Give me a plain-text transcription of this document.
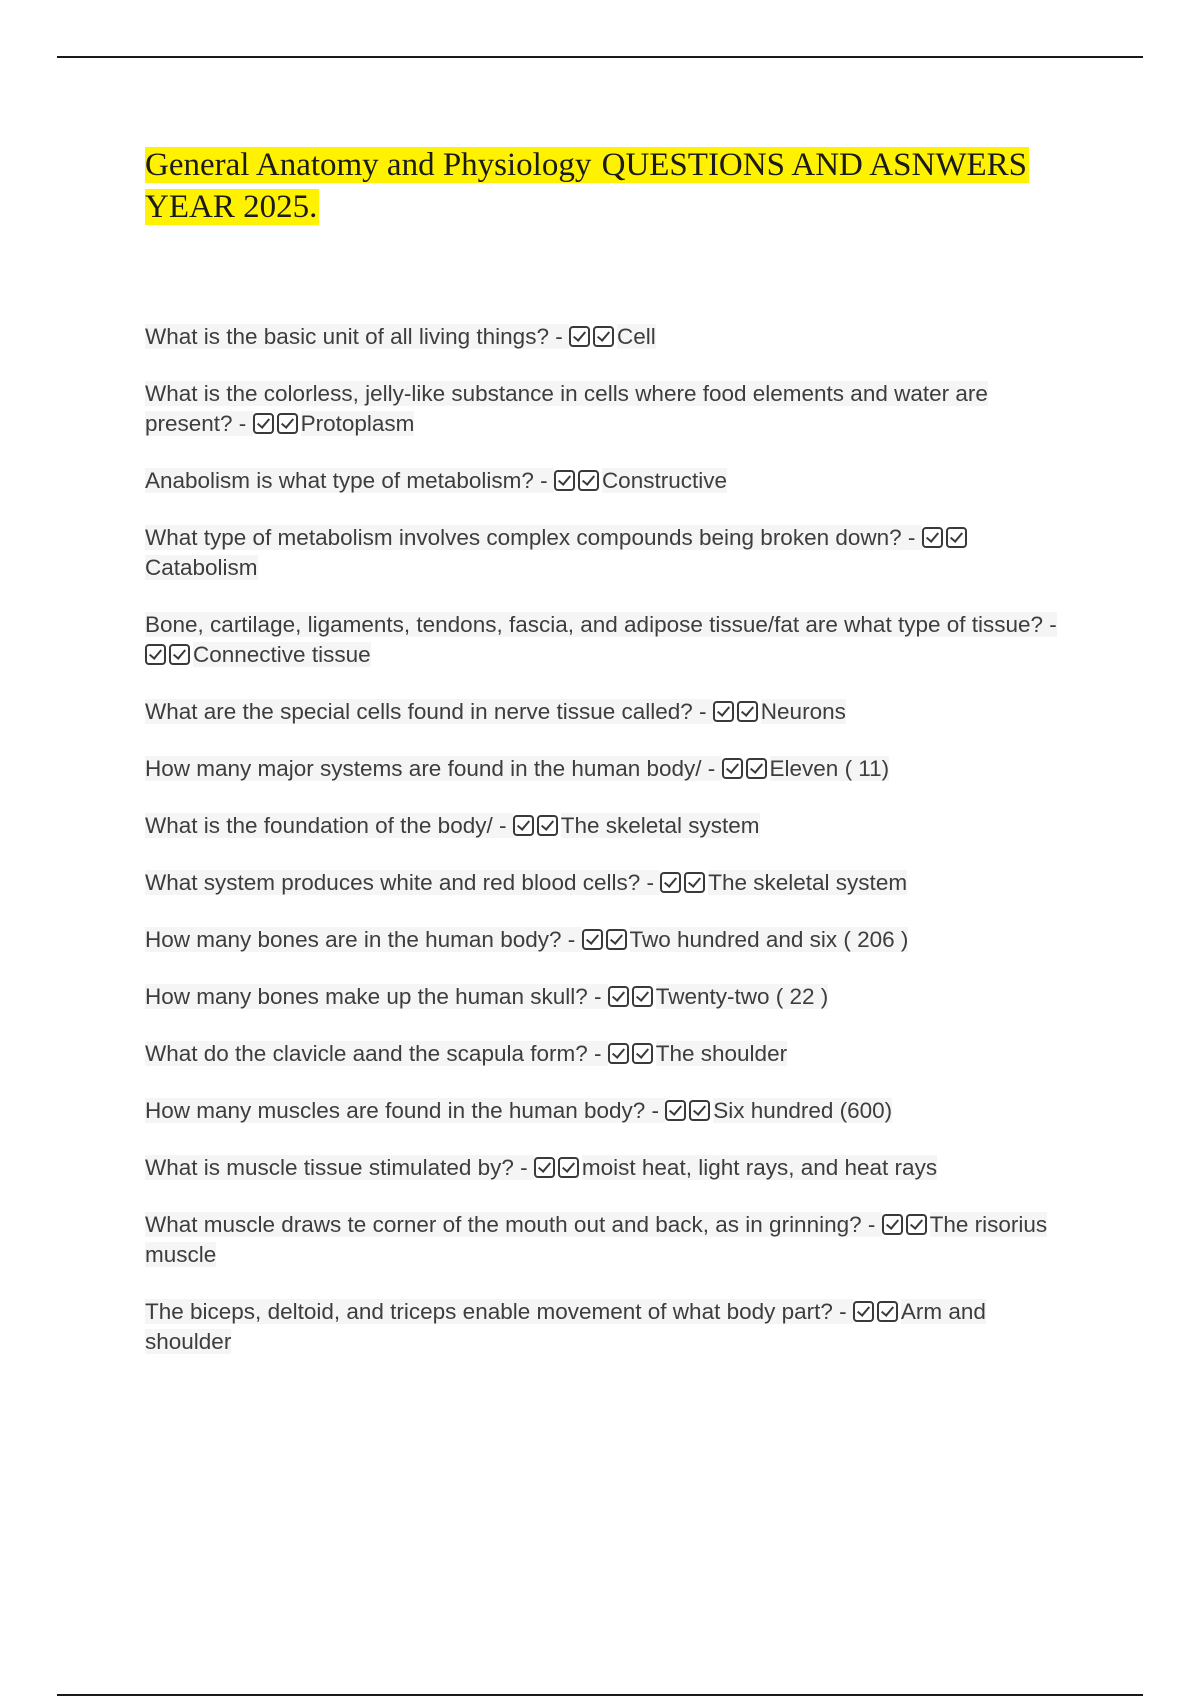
General Anatomy and Physiology QUESTIONS AND ASNWERS YEAR 2025.
What is the basic unit of all living things? - Cell
What is the colorless, jelly-like substance in cells where food elements and water are present? - Protoplasm
Anabolism is what type of metabolism? - Constructive
What type of metabolism involves complex compounds being broken down? - Catabolism
Bone, cartilage, ligaments, tendons, fascia, and adipose tissue/fat are what type of tissue? - Connective tissue
What are the special cells found in nerve tissue called? - Neurons
How many major systems are found in the human body/ - Eleven ( 11)
What is the foundation of the body/ - The skeletal system
What system produces white and red blood cells? - The skeletal system
How many bones are in the human body? - Two hundred and six ( 206 )
How many bones make up the human skull? - Twenty-two ( 22 )
What do the clavicle aand the scapula form? - The shoulder
How many muscles are found in the human body? - Six hundred (600)
What is muscle tissue stimulated by? - moist heat, light rays, and heat rays
What muscle draws te corner of the mouth out and back, as in grinning? - The risorius muscle
The biceps, deltoid, and triceps enable movement of what body part? - Arm and shoulder
